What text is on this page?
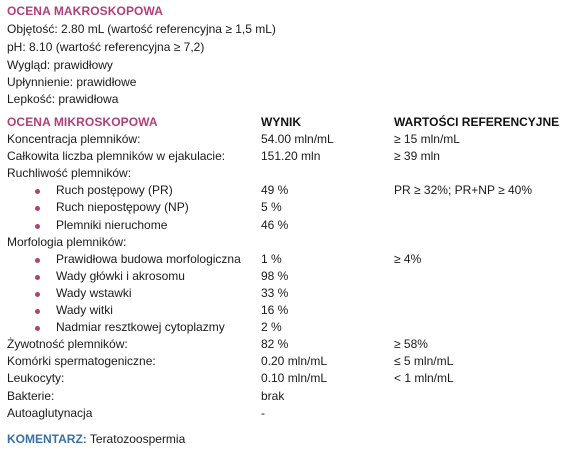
OCENA MAKROSKOPOWA
Objętość: 2.80 mL (wartość referencyjna ≥ 1,5 mL)
pH: 8.10 (wartość referencyjna ≥ 7,2)
Wygląd: prawidłowy
Upłynnienie: prawidłowe
Lepkość: prawidłowa
OCENA MIKROSKOPOWA	WYNIK	WARTOŚCI REFERENCYJNE
Koncentracja plemników:	54.00 mln/mL	≥ 15 mln/mL
Całkowita liczba plemników w ejakulacie:	151.20 mln	≥ 39 mln
Ruchliwość plemników:
Ruch postępowy (PR)	49 %	PR ≥ 32%; PR+NP ≥ 40%
Ruch niepostępowy (NP)	5 %
Plemniki nieruchome	46 %
Morfologia plemników:
Prawidłowa budowa morfologiczna 1 %	≥ 4%
Wady główki i akrosomu	98 %
Wady wstawki	33 %
Wady witki	16 %
Nadmiar resztkowej cytoplazmy	2 %
Żywotność plemników:	82 %	≥ 58%
Komórki spermatogeniczne:	0.20 mln/mL	≤ 5 mln/mL
Leukocyty:	0.10 mln/mL	< 1 mln/mL
Bakterie:	brak
Autoaglutynacja	-
KOMENTARZ: Teratozoospermia
